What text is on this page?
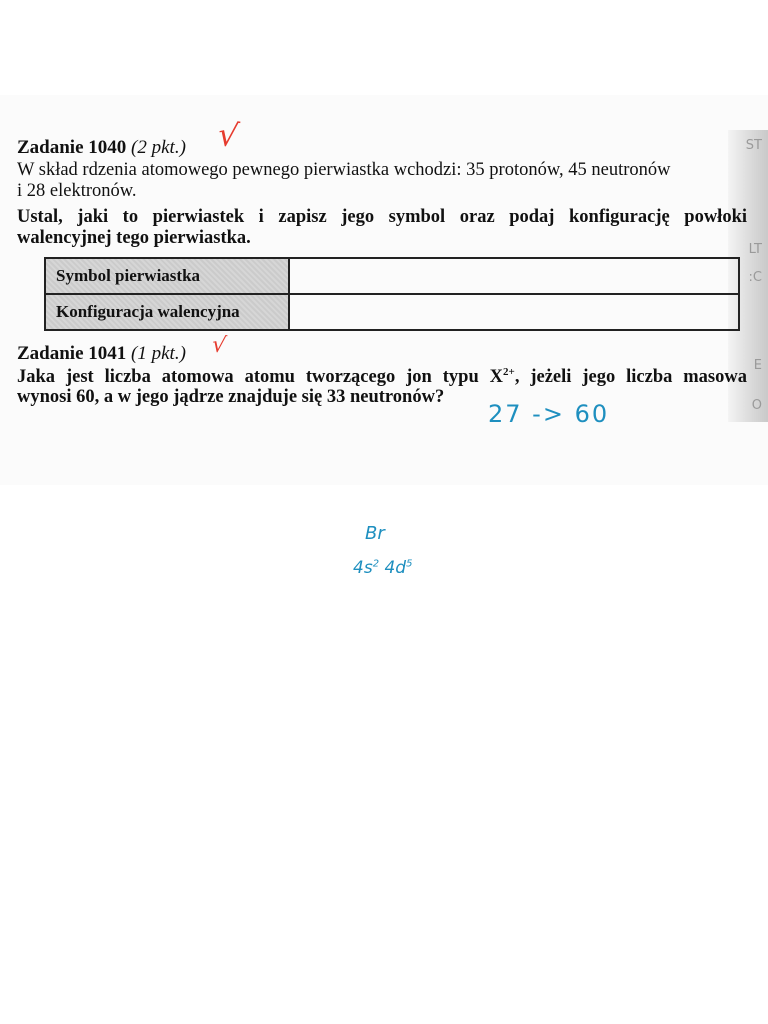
ST
LT
:C
E
O
Zadanie 1040 (2 pkt.) √
W skład rdzenia atomowego pewnego pierwiastka wchodzi: 35 protonów, 45 neutronów
i 28 elektronów.
Ustal, jaki to pierwiastek i zapisz jego symbol oraz podaj konfigurację powłoki
walencyjnej tego pierwiastka.
Symbol pierwiastka	Br

Konfiguracja walencyjna	$4s^2$ $4d^5$
Zadanie 1041 (1 pkt.) √
Jaka jest liczba atomowa atomu tworzącego jon typu $X^{2+}$, jeżeli jego liczba masowa
wynosi 60, a w jego jądrze znajduje się 33 neutronów?
27 -> 60
